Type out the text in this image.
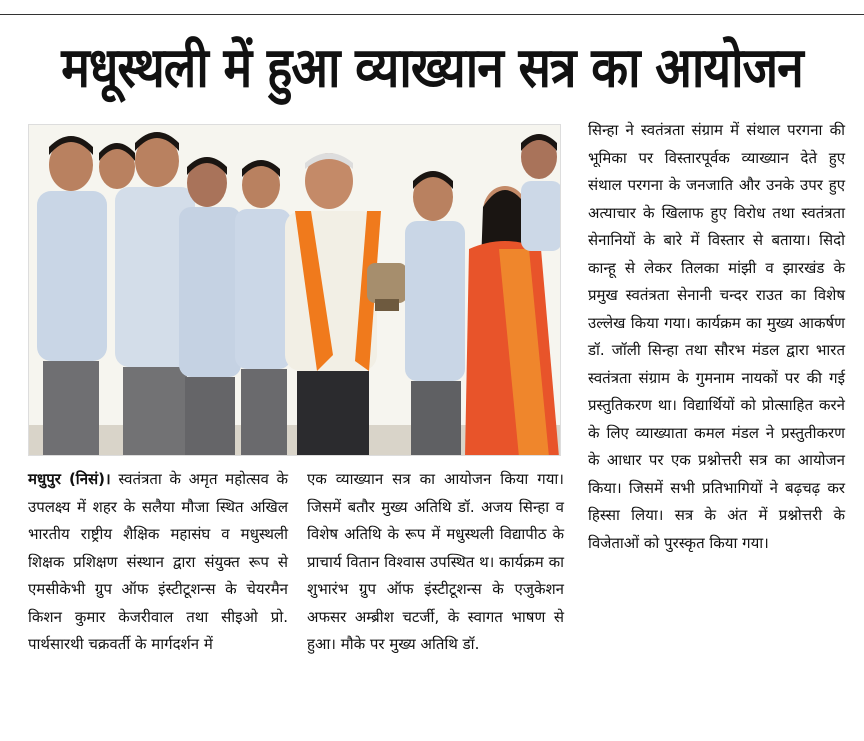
मधूस्थली में हुआ व्याख्यान सत्र का आयोजन

मधुपुर (निसं)। स्वतंत्रता के अमृत महोत्सव के उपलक्ष्य में शहर के सलैया मौजा स्थित अखिल भारतीय राष्ट्रीय शैक्षिक महासंघ व मधुस्थली शिक्षक प्रशिक्षण संस्थान द्वारा संयुक्त रूप से एमसीकेभी ग्रुप ऑफ इंस्टीटूशन्स के चेयरमैन किशन कुमार केजरीवाल तथा सीइओ प्रो. पार्थसारथी चक्रवर्ती के मार्गदर्शन में

एक व्याख्यान सत्र का आयोजन किया गया। जिसमें बतौर मुख्य अतिथि डॉ. अजय सिन्हा व विशेष अतिथि के रूप में मधुस्थली विद्यापीठ के प्राचार्य वितान विश्वास उपस्थित थ। कार्यक्रम का शुभारंभ ग्रुप ऑफ इंस्टीटूशन्स के एजुकेशन अफसर अम्ब्रीश चटर्जी, के स्वागत भाषण से हुआ। मौके पर मुख्य अतिथि डॉ.

सिन्हा ने स्वतंत्रता संग्राम में संथाल परगना की भूमिका पर विस्तारपूर्वक व्याख्यान देते हुए संथाल परगना के जनजाति और उनके उपर हुए अत्याचार के खिलाफ हुए विरोध तथा स्वतंत्रता सेनानियों के बारे में विस्तार से बताया। सिदो कान्हू से लेकर तिलका मांझी व झारखंड के प्रमुख स्वतंत्रता सेनानी चन्दर राउत का विशेष उल्लेख किया गया। कार्यक्रम का मुख्य आकर्षण डॉ. जॉली सिन्हा तथा सौरभ मंडल द्वारा भारत स्वतंत्रता संग्राम के गुमनाम नायकों पर की गई प्रस्तुतिकरण था। विद्यार्थियों को प्रोत्साहित करने के लिए व्याख्याता कमल मंडल ने प्रस्तुतीकरण के आधार पर एक प्रश्नोत्तरी सत्र का आयोजन किया। जिसमें सभी प्रतिभागियों ने बढ़चढ़ कर हिस्सा लिया। सत्र के अंत में प्रश्नोत्तरी के विजेताओं को पुरस्कृत किया गया।
